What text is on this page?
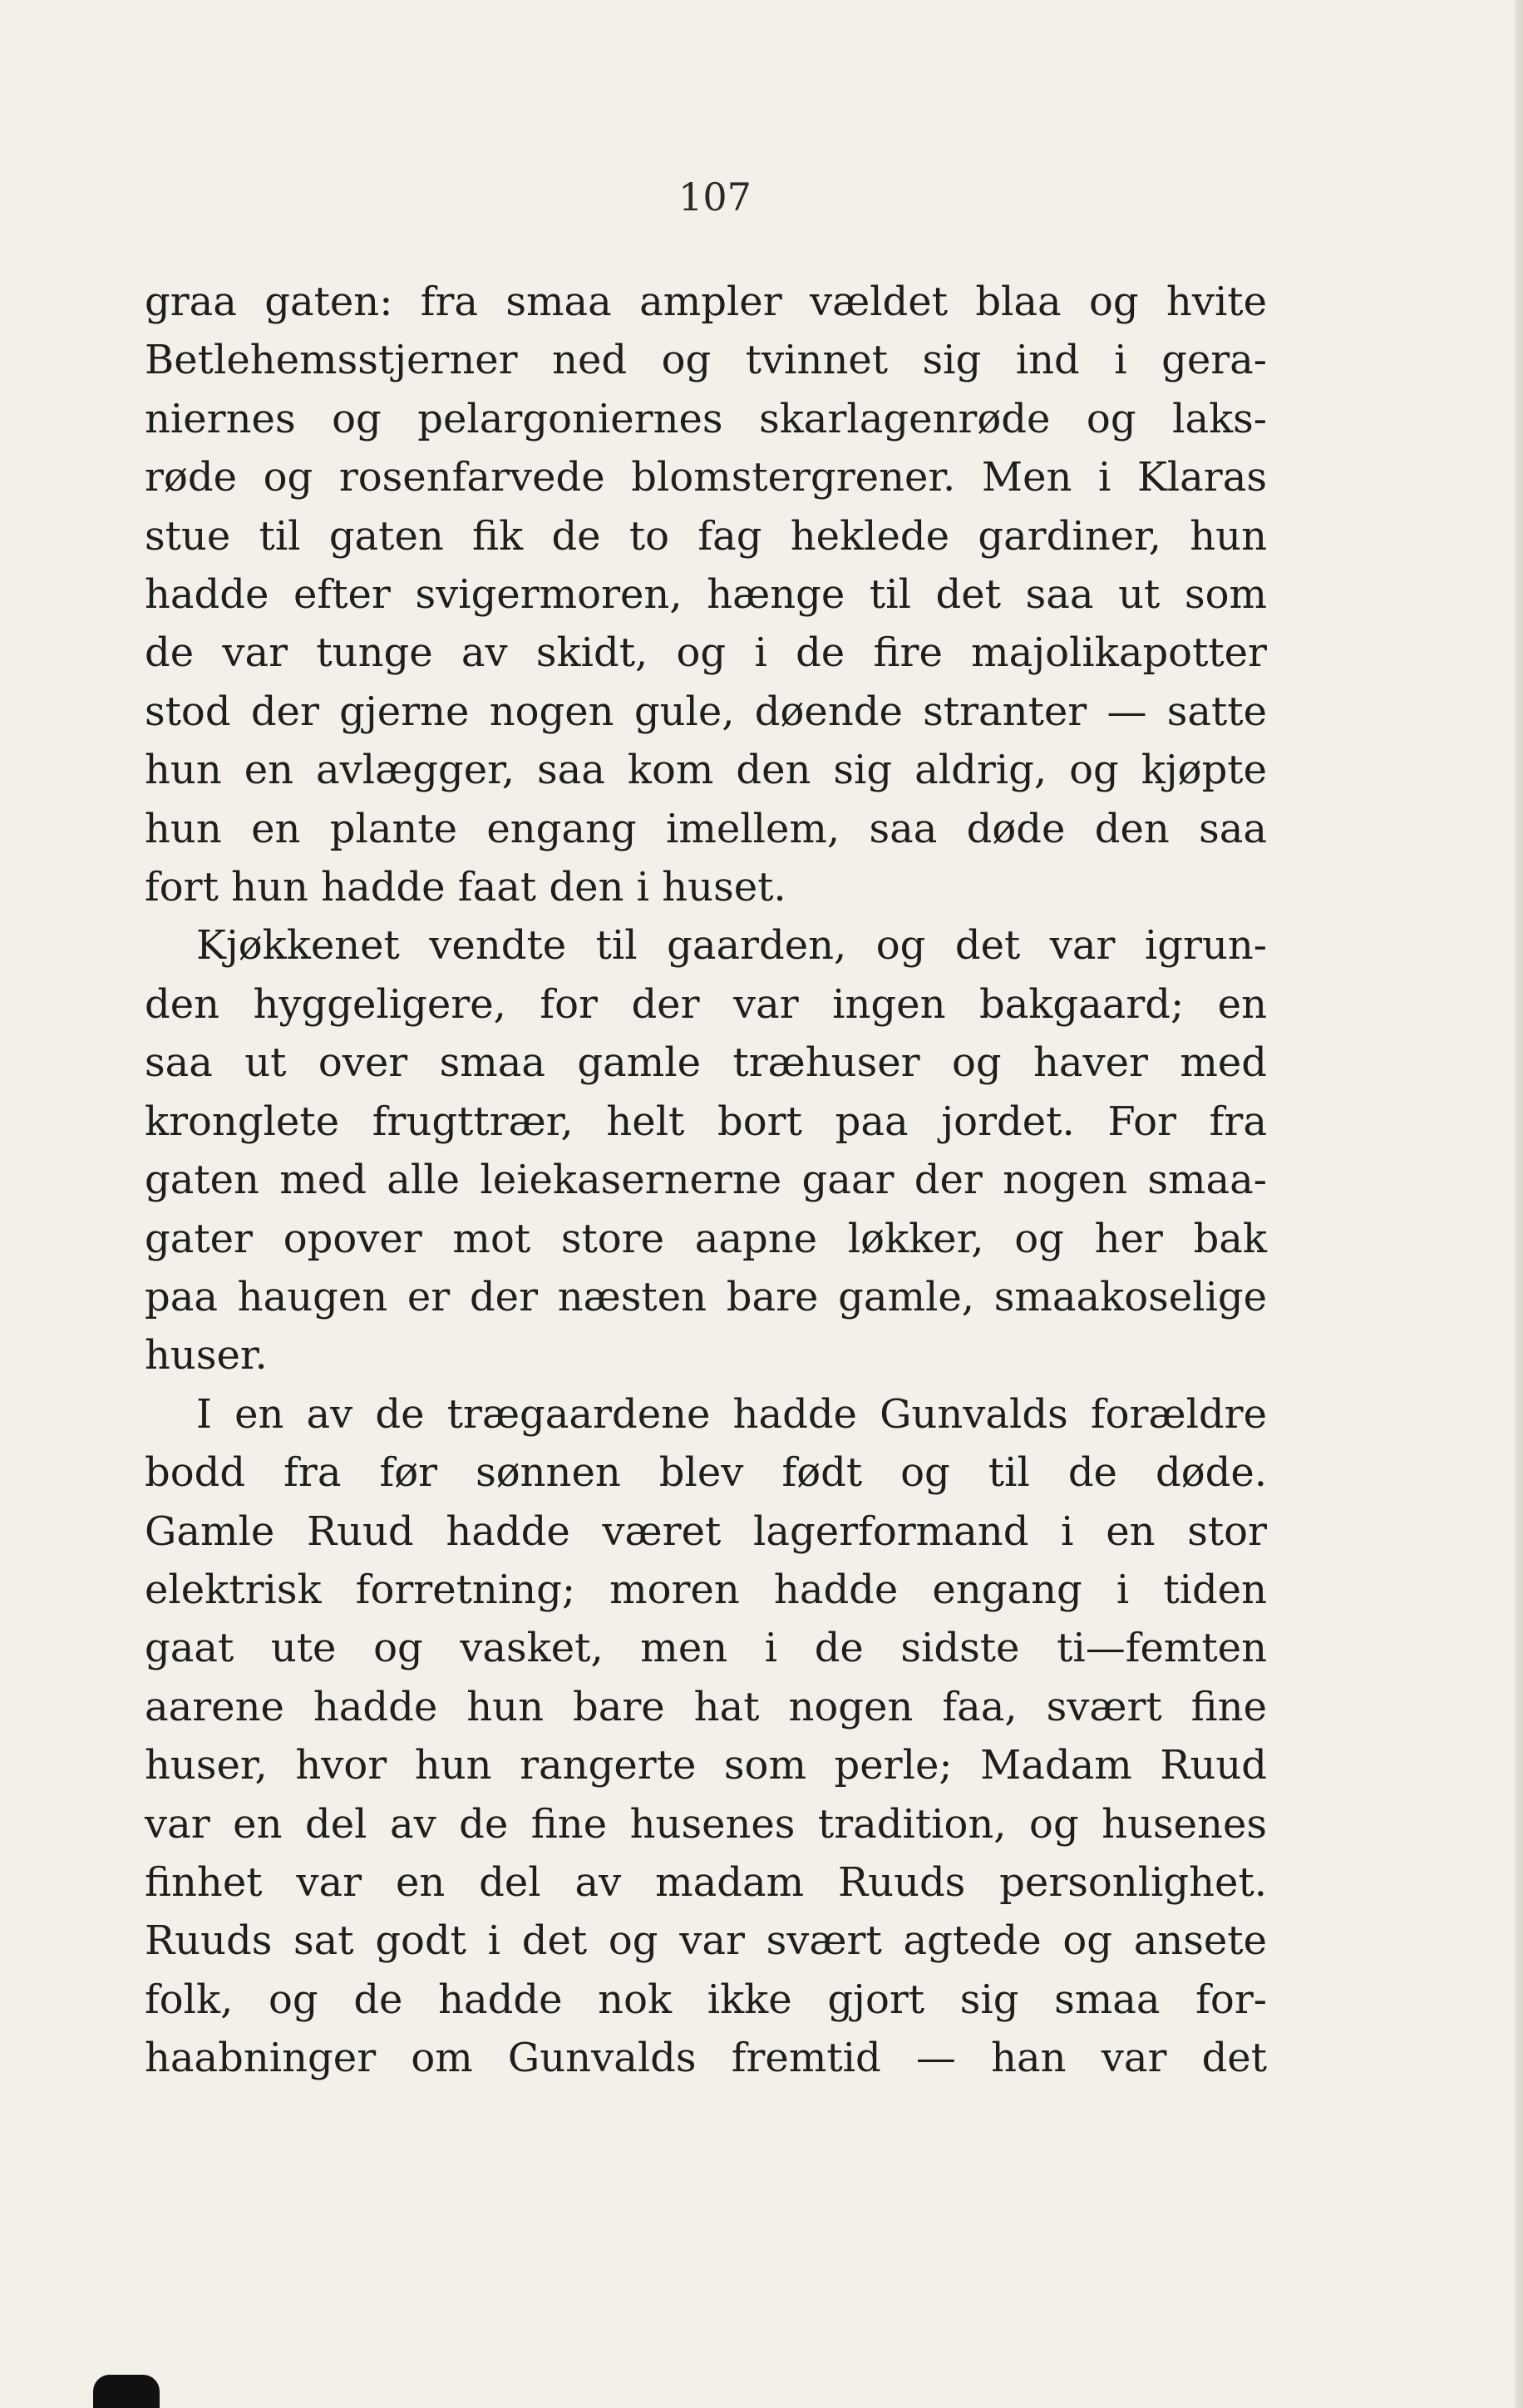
107

graa gaten: fra smaa ampler vældet blaa og hvite
Betlehemsstjerner ned og tvinnet sig ind i gera-
niernes og pelargoniernes skarlagenrøde og laks-
røde og rosenfarvede blomstergrener. Men i Klaras
stue til gaten fik de to fag heklede gardiner, hun
hadde efter svigermoren, hænge til det saa ut som
de var tunge av skidt, og i de fire majolikapotter
stod der gjerne nogen gule, døende stranter — satte
hun en avlægger, saa kom den sig aldrig, og kjøpte
hun en plante engang imellem, saa døde den saa
fort hun hadde faat den i huset.

Kjøkkenet vendte til gaarden, og det var igrun-
den hyggeligere, for der var ingen bakgaard; en
saa ut over smaa gamle træhuser og haver med
kronglete frugttrær, helt bort paa jordet. For fra
gaten med alle leiekasernerne gaar der nogen smaa-
gater opover mot store aapne løkker, og her bak
paa haugen er der næsten bare gamle, smaakoselige
huser.

I en av de trægaardene hadde Gunvalds forældre
bodd fra før sønnen blev født og til de døde.
Gamle Ruud hadde været lagerformand i en stor
elektrisk forretning; moren hadde engang i tiden
gaat ute og vasket, men i de sidste ti—femten
aarene hadde hun bare hat nogen faa, svært fine
huser, hvor hun rangerte som perle; Madam Ruud
var en del av de fine husenes tradition, og husenes
finhet var en del av madam Ruuds personlighet.
Ruuds sat godt i det og var svært agtede og ansete
folk, og de hadde nok ikke gjort sig smaa for-
haabninger om Gunvalds fremtid — han var det
